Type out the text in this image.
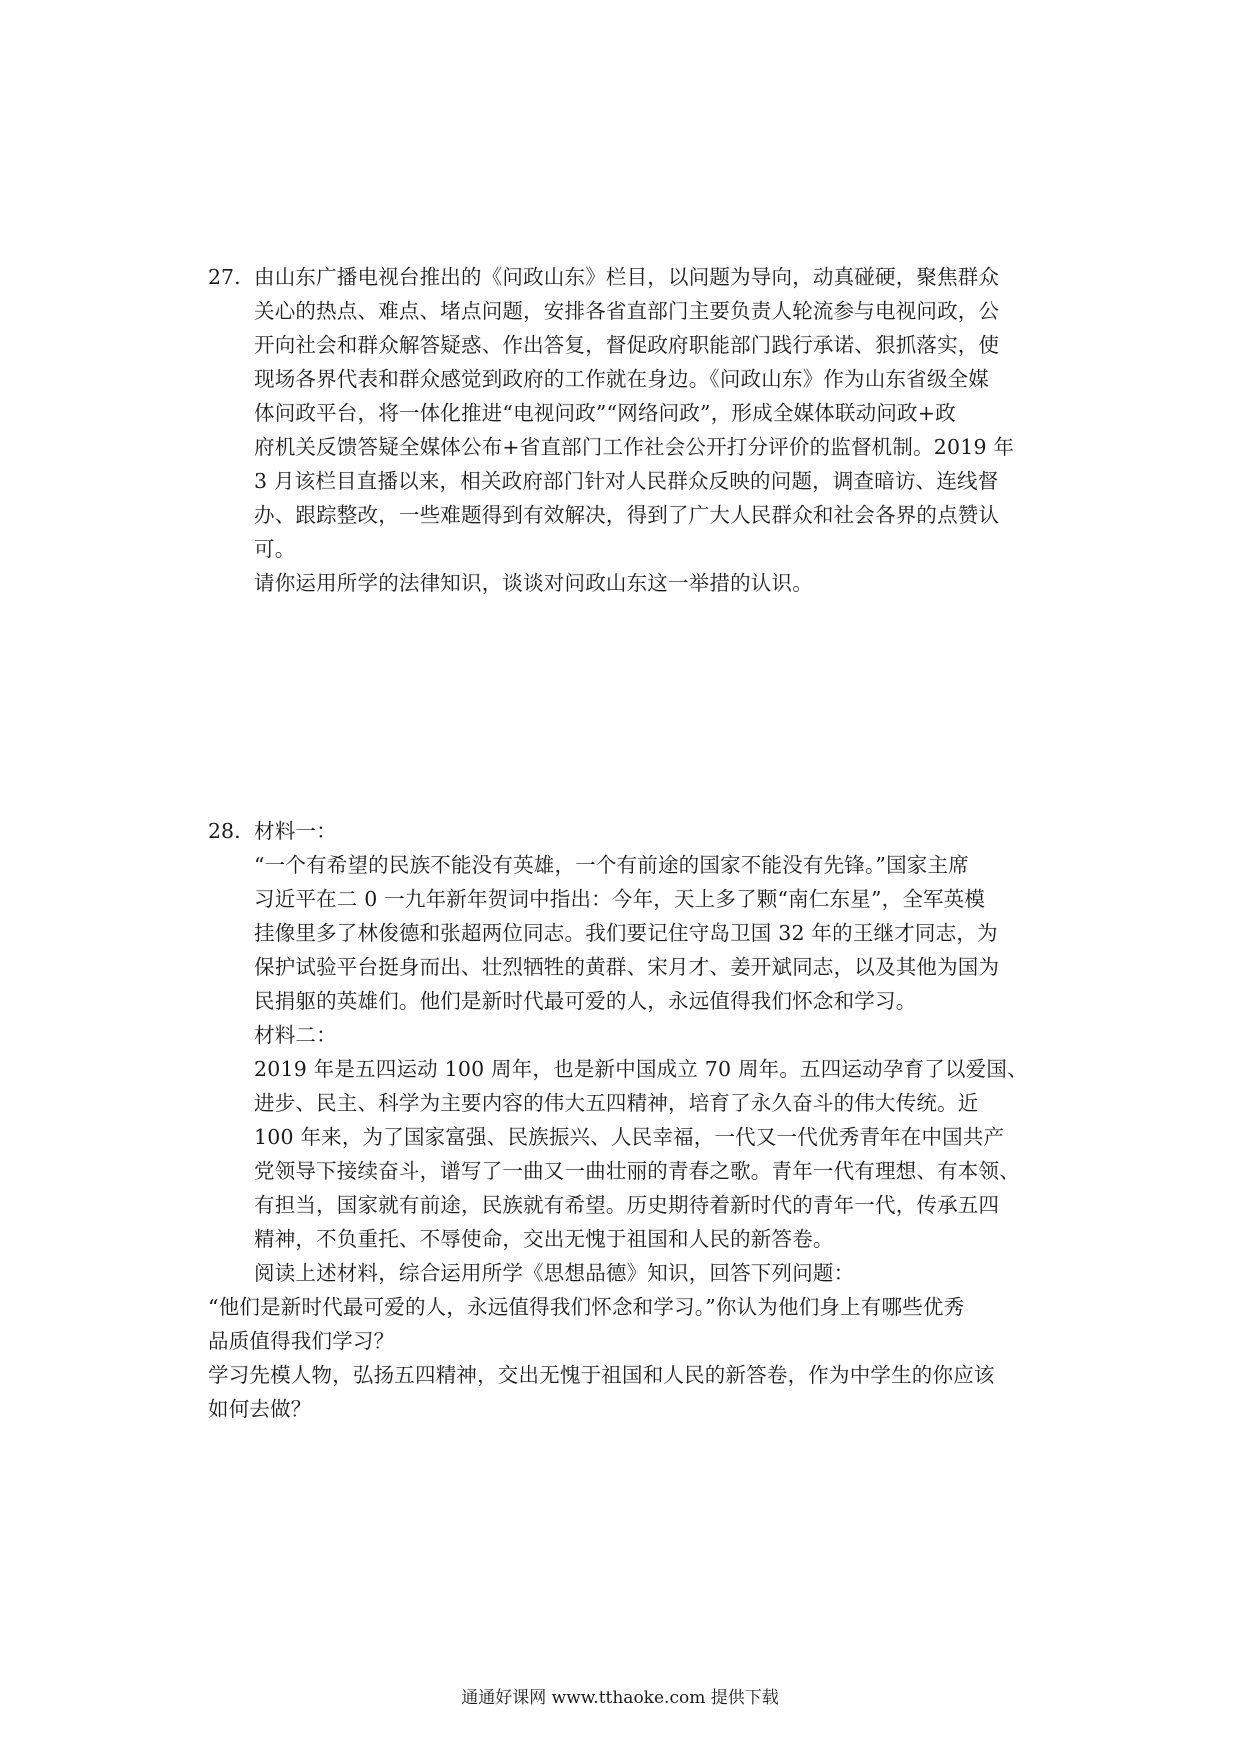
27. 由山东广播电视台推出的《问政山东》栏目，以问题为导向，动真碰硬，聚焦群众
关心的热点、难点、堵点问题，安排各省直部门主要负责人轮流参与电视问政，公
开向社会和群众解答疑惑、作出答复，督促政府职能部门践行承诺、狠抓落实，使
现场各界代表和群众感觉到政府的工作就在身边。《问政山东》作为山东省级全媒
体问政平台，将一体化推进“电视问政”“网络问政”，形成全媒体联动问政+政
府机关反馈答疑全媒体公布+省直部门工作社会公开打分评价的监督机制。2019 年
3 月该栏目直播以来，相关政府部门针对人民群众反映的问题，调查暗访、连线督
办、跟踪整改，一些难题得到有效解决，得到了广大人民群众和社会各界的点赞认
可。
请你运用所学的法律知识，谈谈对问政山东这一举措的认识。
28. 材料一：
“一个有希望的民族不能没有英雄，一个有前途的国家不能没有先锋。”国家主席
习近平在二 0 一九年新年贺词中指出：今年，天上多了颗“南仁东星”，全军英模
挂像里多了林俊德和张超两位同志。我们要记住守岛卫国 32 年的王继才同志，为
保护试验平台挺身而出、壮烈牺牲的黄群、宋月才、姜开斌同志，以及其他为国为
民捐躯的英雄们。他们是新时代最可爱的人，永远值得我们怀念和学习。
材料二：
2019 年是五四运动 100 周年，也是新中国成立 70 周年。五四运动孕育了以爱国、
进步、民主、科学为主要内容的伟大五四精神，培育了永久奋斗的伟大传统。近
100 年来，为了国家富强、民族振兴、人民幸福，一代又一代优秀青年在中国共产
党领导下接续奋斗，谱写了一曲又一曲壮丽的青春之歌。青年一代有理想、有本领、
有担当，国家就有前途，民族就有希望。历史期待着新时代的青年一代，传承五四
精神，不负重托、不辱使命，交出无愧于祖国和人民的新答卷。
阅读上述材料，综合运用所学《思想品德》知识，回答下列问题：
“他们是新时代最可爱的人，永远值得我们怀念和学习。”你认为他们身上有哪些优秀
品质值得我们学习？
学习先模人物，弘扬五四精神，交出无愧于祖国和人民的新答卷，作为中学生的你应该
如何去做？
通通好课网 www.tthaoke.com 提供下载
